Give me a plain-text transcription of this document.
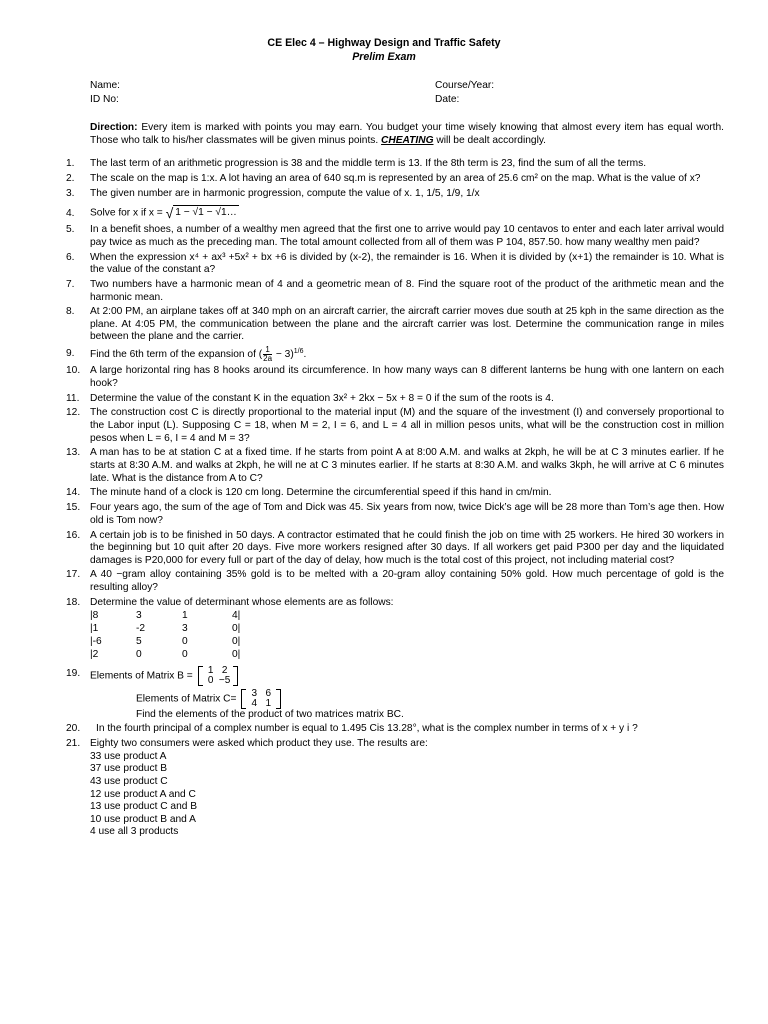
CE Elec 4 – Highway Design and Traffic Safety
Prelim Exam
Name:
ID No:
Course/Year:
Date:
Direction: Every item is marked with points you may earn. You budget your time wisely knowing that almost every item has equal worth. Those who talk to his/her classmates will be given minus points. CHEATING will be dealt accordingly.
1. The last term of an arithmetic progression is 38 and the middle term is 13. If the 8th term is 23, find the sum of all the terms.
2. The scale on the map is 1:x. A lot having an area of 640 sq.m is represented by an area of 25.6 cm² on the map. What is the value of x?
3. The given number are in harmonic progression, compute the value of x. 1, 1/5, 1/9, 1/x
4. Solve for x if x = √ 1 − √1 − √1…
5. In a benefit shoes, a number of a wealthy men agreed that the first one to arrive would pay 10 centavos to enter and each later arrival would pay twice as much as the preceding man. The total amount collected from all of them was P 104, 857.50. how many wealthy men paid?
6. When the expression x⁴ + ax³ +5x² + bx +6 is divided by (x-2), the remainder is 16. When it is divided by (x+1) the remainder is 10. What is the value of the constant a?
7. Two numbers have a harmonic mean of 4 and a geometric mean of 8. Find the square root of the product of the arithmetic mean and the harmonic mean.
8. At 2:00 PM, an airplane takes off at 340 mph on an aircraft carrier, the aircraft carrier moves due south at 25 kph in the same direction as the plane. At 4:05 PM, the communication between the plane and the aircraft carrier was lost. Determine the communication range in miles between the plane and the carrier.
9. Find the 6th term of the expansion of ( $\frac{1}{2a} - 3)^{1/6}$.
10. A large horizontal ring has 8 hooks around its circumference. In how many ways can 8 different lanterns be hung with one lantern on each hook?
11. Determine the value of the constant K in the equation 3x² + 2kx − 5x + 8 = 0 if the sum of the roots is 4.
12. The construction cost C is directly proportional to the material input (M) and the square of the investment (I) and conversely proportional to the Labor input (L). Supposing C = 18, when M = 2, I = 6, and L = 4 all in million pesos units, what will be the construction cost in million pesos when L = 6, I = 4 and M = 3?
13. A man has to be at station C at a fixed time. If he starts from point A at 8:00 A.M. and walks at 2kph, he will be at C 3 minutes earlier. If he starts at 8:30 A.M. and walks at 2kph, he will ne at C 3 minutes earlier. If he starts at 8:30 A.M. and walks 3kph, he will arrive at C 6 minutes late. What is the distance from A to C?
14. The minute hand of a clock is 120 cm long. Determine the circumferential speed if this hand in cm/min.
15. Four years ago, the sum of the age of Tom and Dick was 45. Six years from now, twice Dick’s age will be 28 more than Tom’s age then. How old is Tom now?
16. A certain job is to be finished in 50 days. A contractor estimated that he could finish the job on time with 25 workers. He hired 30 workers in the beginning but 10 quit after 20 days. Five more workers resigned after 30 days. If all workers get paid P300 per day and the liquidated damages is P20,000 for every full or part of the day of delay, how much is the total cost of this project, not including material cost?
17. A 40 −gram alloy containing 35% gold is to be melted with a 20-gram alloy containing 50% gold. How much percentage of gold is the resulting alloy?
18. Determine the value of determinant whose elements are as follows:
|8	3	1	4|
|1	-2	3	0|
|-6	5	0	0|
|2	0	0	0|
19. Elements of Matrix B =
1 2
0 −5
Elements of Matrix C=
3 6
4 1
Find the elements of the product of two matrices matrix BC.
20. In the fourth principal of a complex number is equal to 1.495 Cis 13.28°, what is the complex number in terms of x + y i ?
21. Eighty two consumers were asked which product they use. The results are:
33 use product A
37 use product B
43 use product C
12 use product A and C
13 use product C and B
10 use product B and A
4 use all 3 products
